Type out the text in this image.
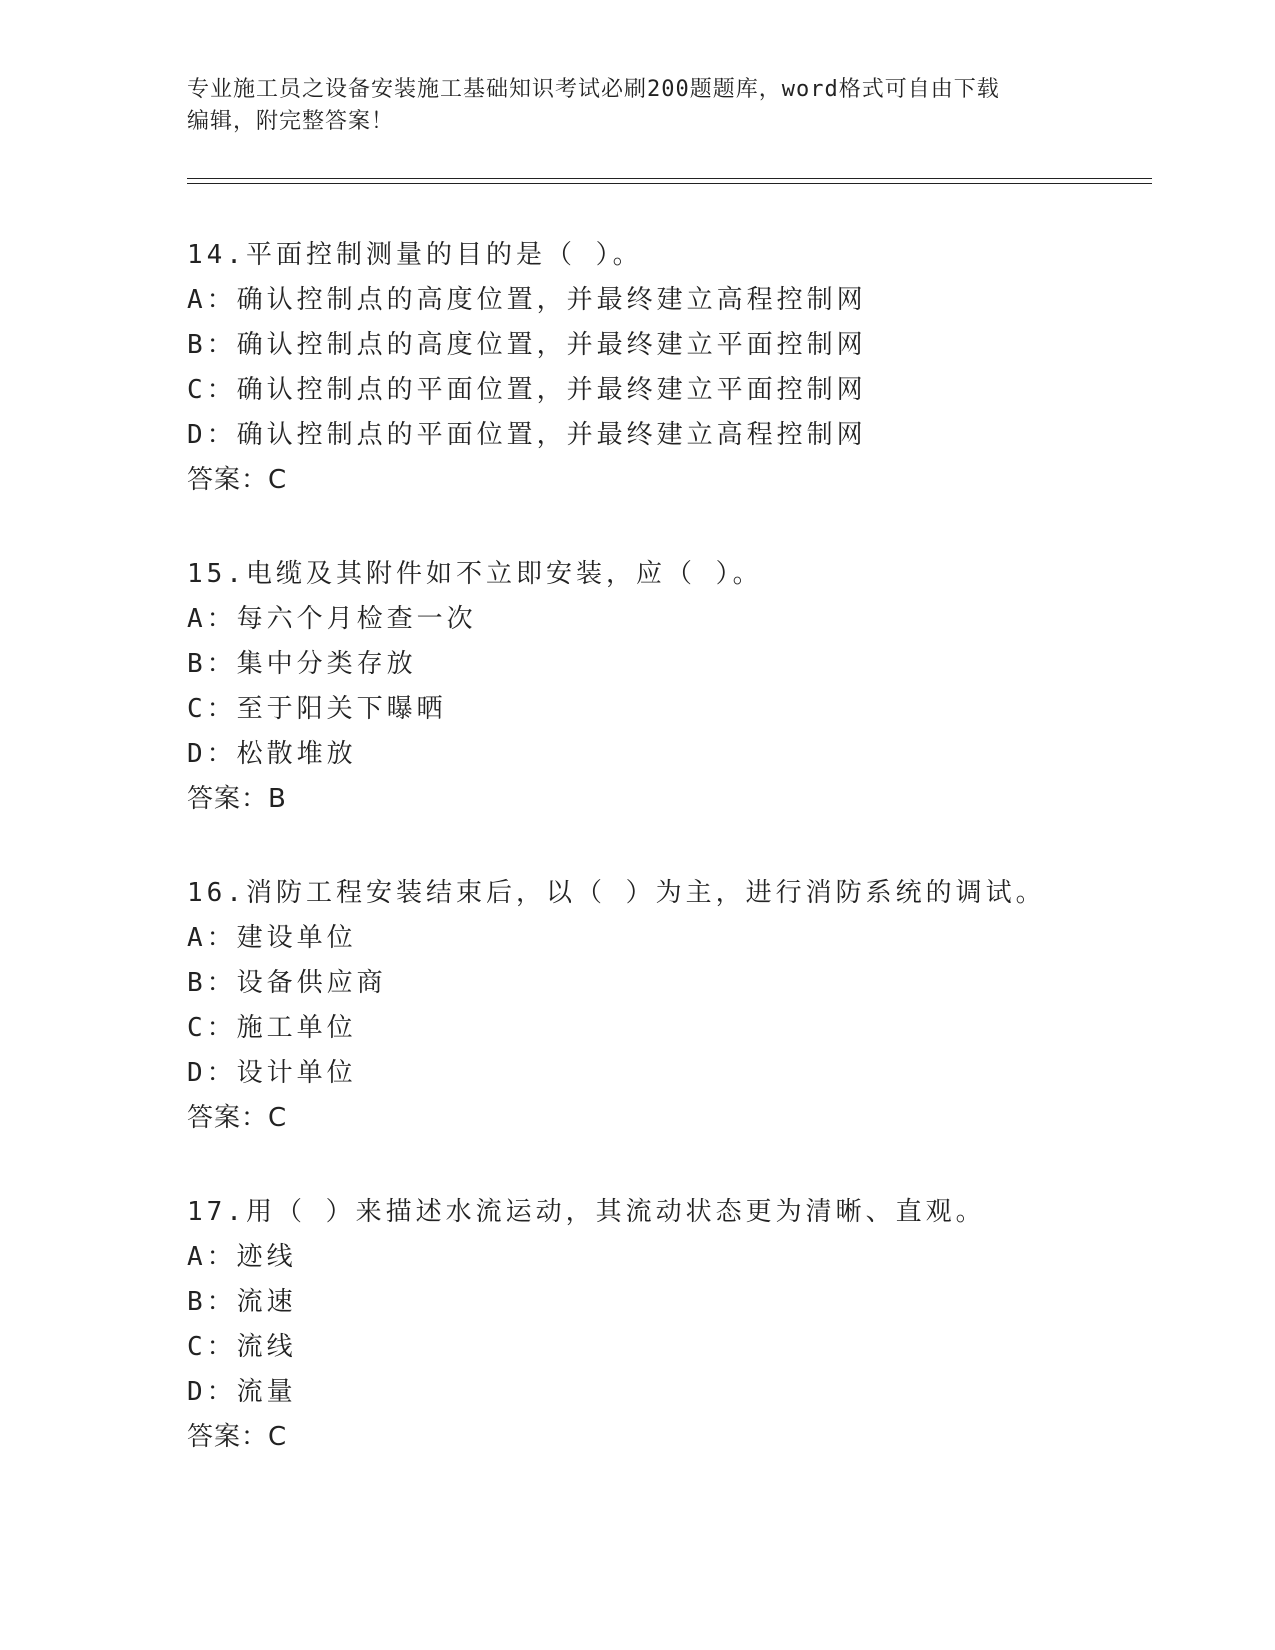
专业施工员之设备安装施工基础知识考试必刷200题题库，word格式可自由下载
编辑，附完整答案！
14.平面控制测量的目的是（ ）。
A：确认控制点的高度位置，并最终建立高程控制网
B：确认控制点的高度位置，并最终建立平面控制网
C：确认控制点的平面位置，并最终建立平面控制网
D：确认控制点的平面位置，并最终建立高程控制网
答案：C
15.电缆及其附件如不立即安装，应（ ）。
A：每六个月检查一次
B：集中分类存放
C：至于阳关下曝晒
D：松散堆放
答案：B
16.消防工程安装结束后，以（ ）为主，进行消防系统的调试。
A：建设单位
B：设备供应商
C：施工单位
D：设计单位
答案：C
17.用（ ）来描述水流运动，其流动状态更为清晰、直观。
A：迹线
B：流速
C：流线
D：流量
答案：C
